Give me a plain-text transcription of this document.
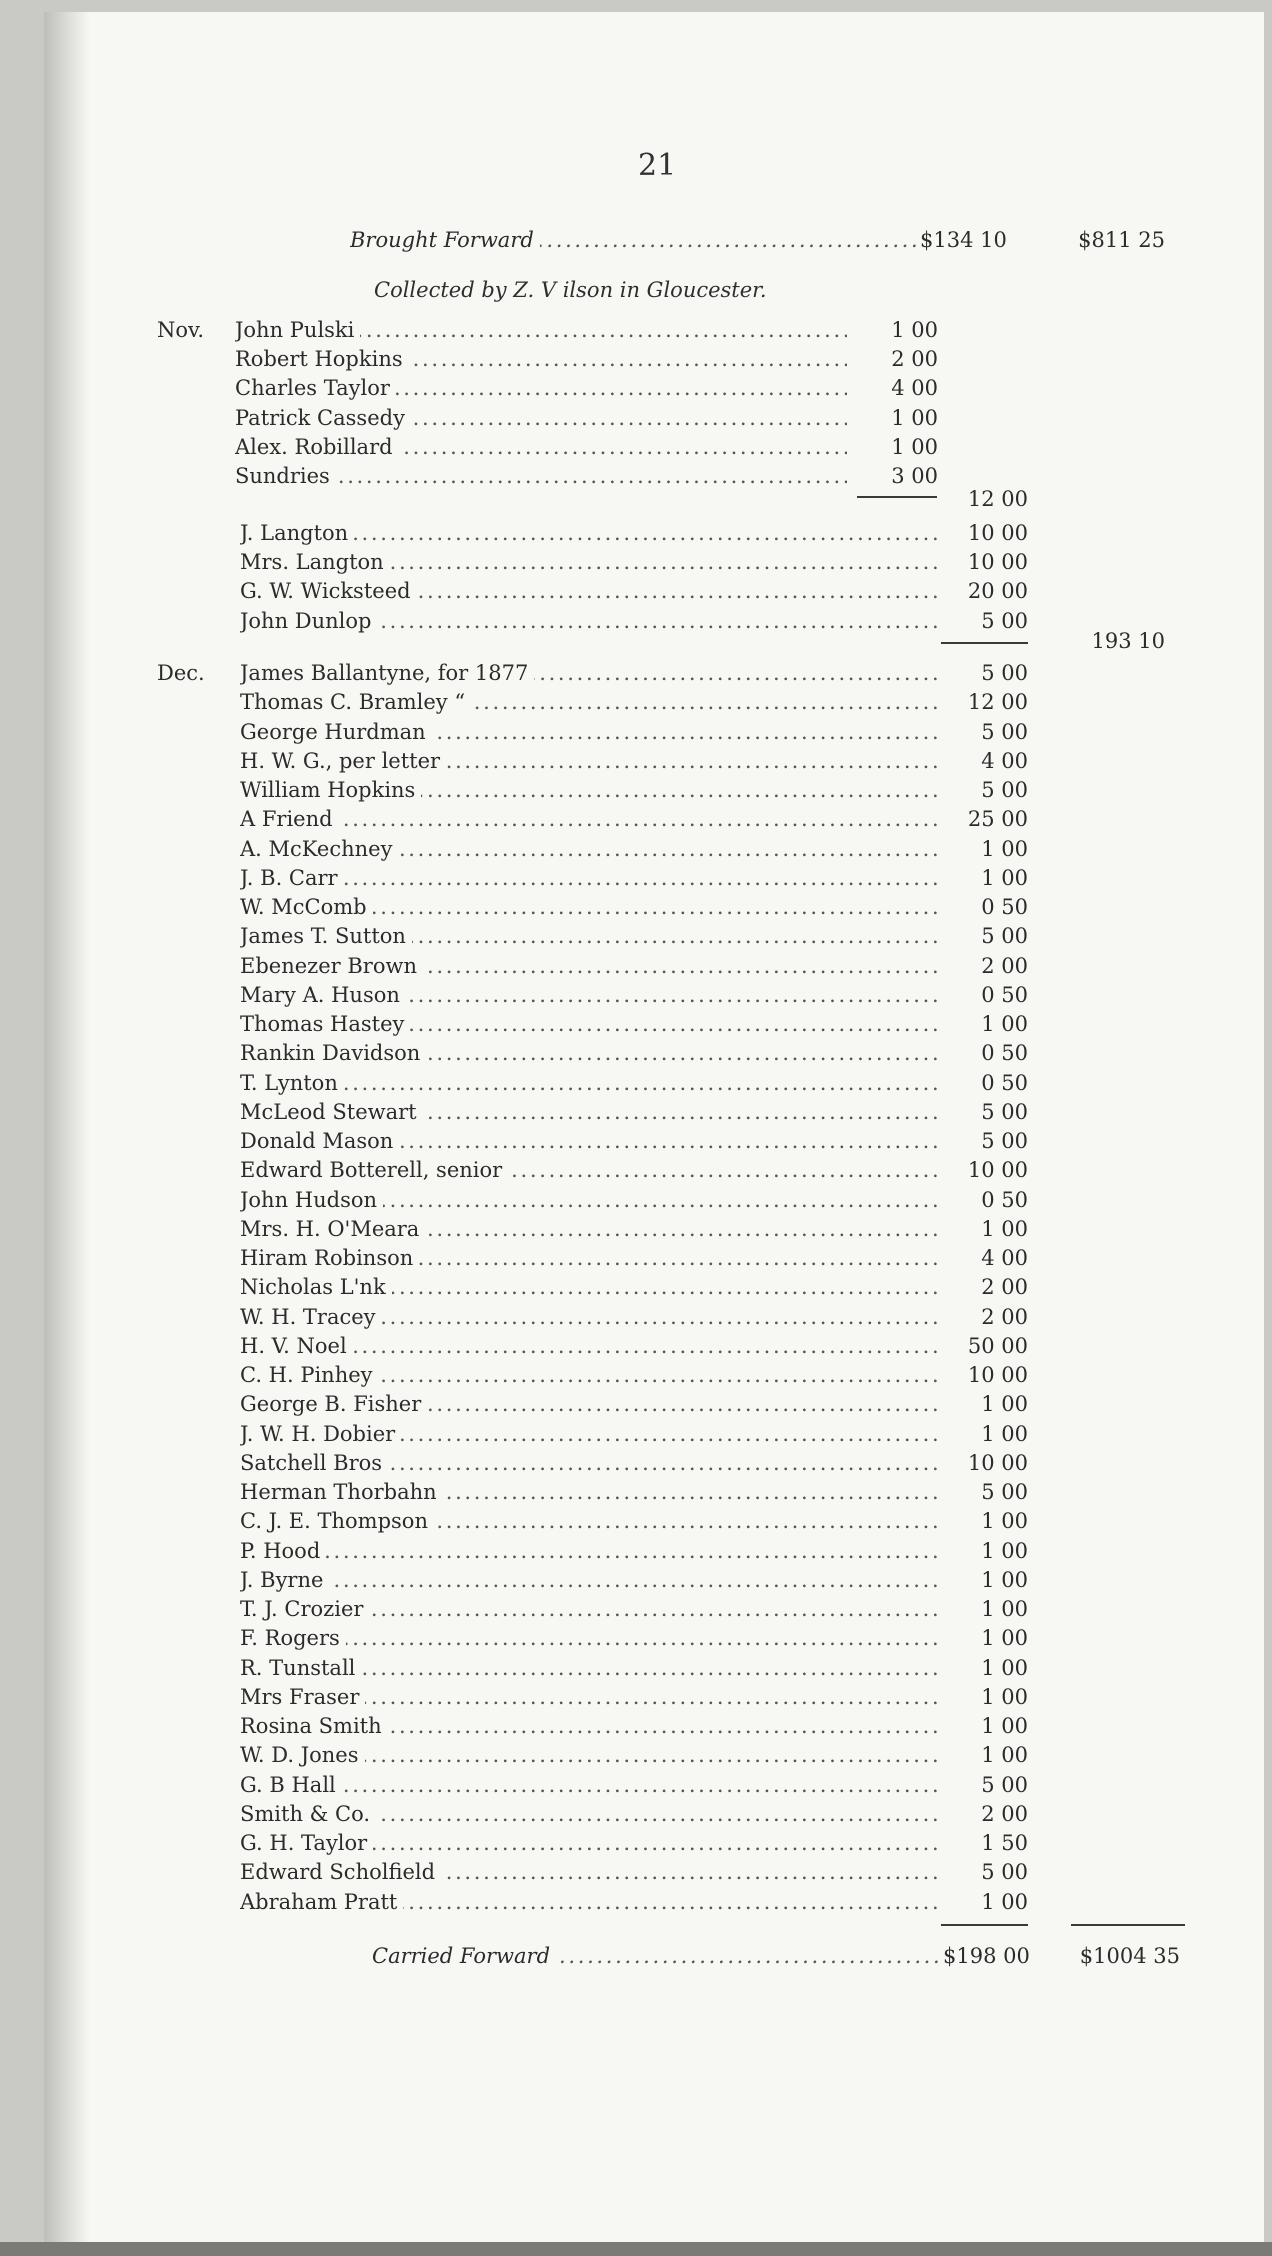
21
Brought Forward . . .	$134 10	$811 25
Collected by Z. V ilson in Gloucester.
Nov. John Pulski . . .	1 00
Robert Hopkins . . .	2 00
Charles Taylor . . .	4 00
Patrick Cassedy . . .	1 00
Alex. Robillard . . .	1 00
Sundries . . .	3 00
12 00
J. Langton . . .	10 00
Mrs. Langton . . .	10 00
G. W. Wicksteed . . .	20 00
John Dunlop . . .	5 00
193 10
Dec. James Ballantyne, for 1877 . . .	5 00
Thomas C. Bramley “ . . .	12 00
George Hurdman . . .	5 00
H. W. G., per letter . . .	4 00
William Hopkins . . .	5 00
A Friend . . .	25 00
A. McKechney . . .	1 00
J. B. Carr . . .	1 00
W. McComb . . .	0 50
James T. Sutton . . .	5 00
Ebenezer Brown . . .	2 00
Mary A. Huson . . .	0 50
Thomas Hastey . . .	1 00
Rankin Davidson . . .	0 50
T. Lynton . . .	0 50
McLeod Stewart . . .	5 00
Donald Mason . . .	5 00
Edward Botterell, senior . . .	10 00
John Hudson . . .	0 50
Mrs. H. O'Meara . . .	1 00
Hiram Robinson . . .	4 00
Nicholas L'nk . . .	2 00
W. H. Tracey . . .	2 00
H. V. Noel . . .	50 00
C. H. Pinhey . . .	10 00
George B. Fisher . . .	1 00
J. W. H. Dobier . . .	1 00
Satchell Bros . . .	10 00
Herman Thorbahn . . .	5 00
C. J. E. Thompson . . .	1 00
P. Hood . . .	1 00
J. Byrne . . .	1 00
T. J. Crozier . . .	1 00
F. Rogers . . .	1 00
R. Tunstall . . .	1 00
Mrs Fraser . . .	1 00
Rosina Smith . . .	1 00
W. D. Jones . . .	1 00
G. B Hall . . .	5 00
Smith & Co. . . .	2 00
G. H. Taylor . . .	1 50
Edward Scholfield . . .	5 00
Abraham Pratt . . .	1 00
Carried Forward . . .	$198 00	$1004 35
